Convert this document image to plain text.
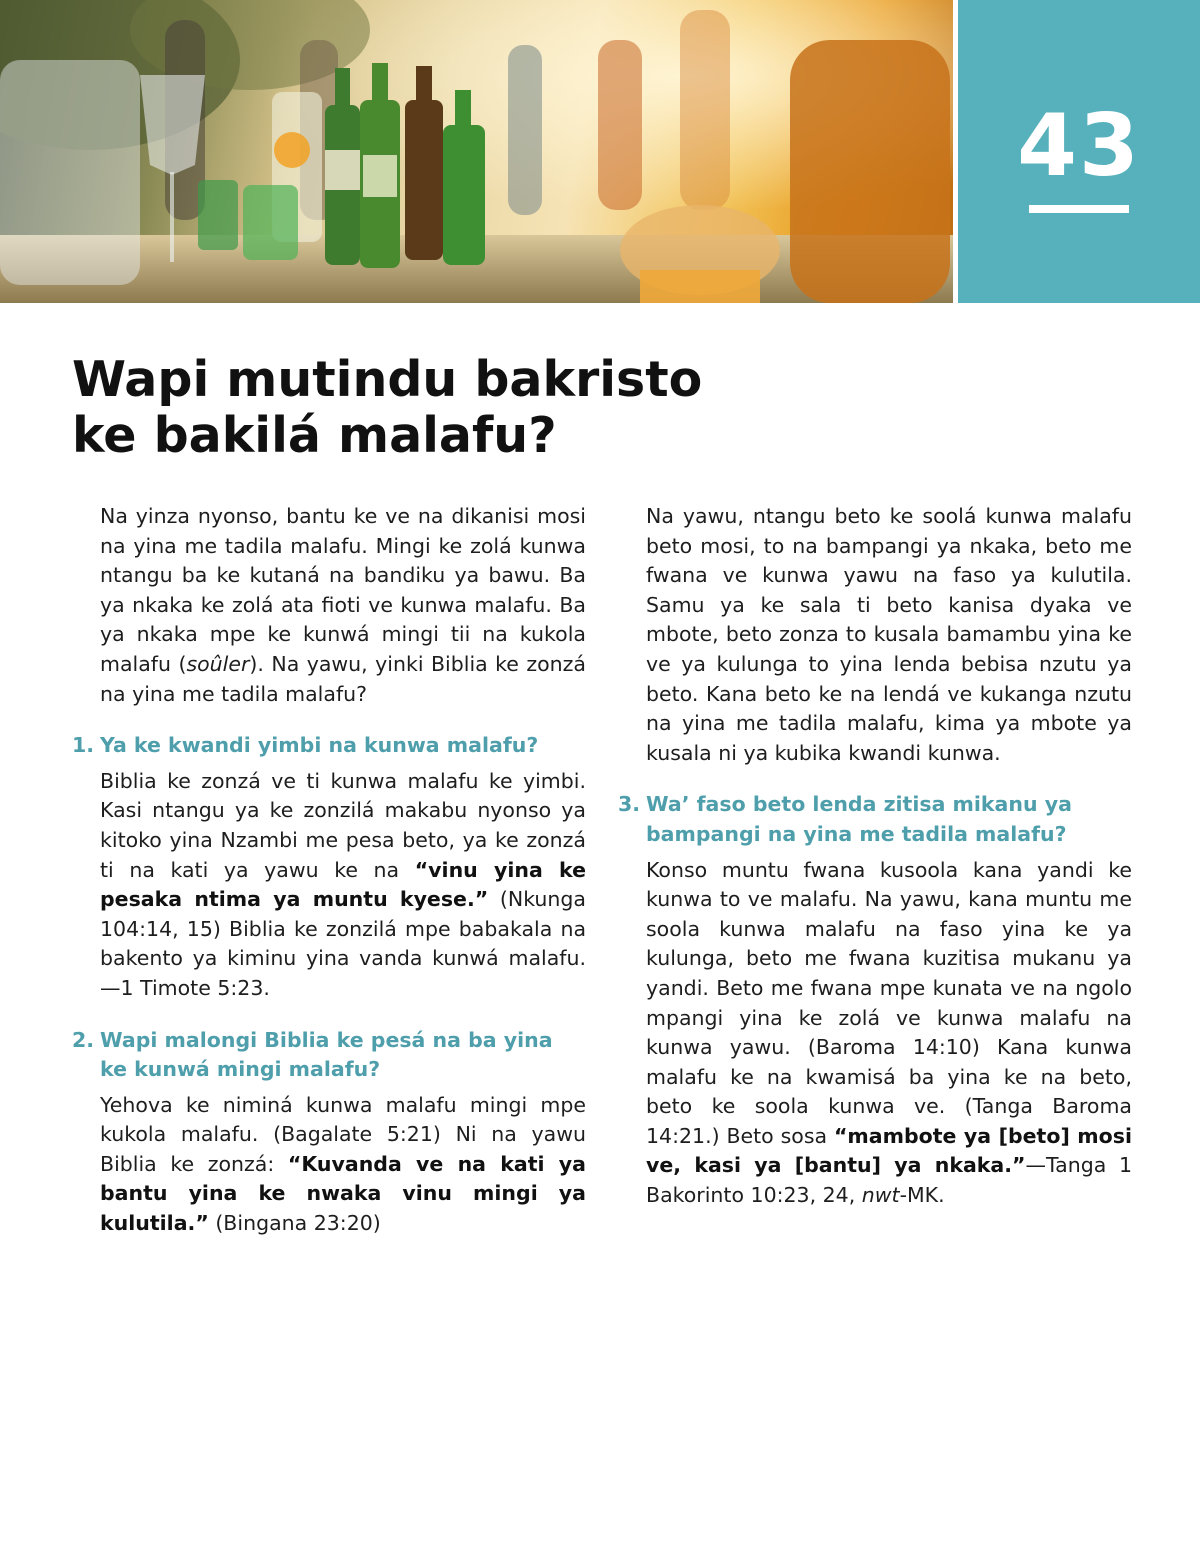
43
Wapi mutindu bakristo
ke bakilá malafu?

Na yinza nyonso, bantu ke ve na dikanisi mosi na yina me tadila malafu. Mingi ke zolá kunwa ntangu ba ke kutaná na bandiku ya bawu. Ba ya nkaka ke zolá ata fioti ve kunwa malafu. Ba ya nkaka mpe ke kunwá mingi tii na kukola malafu (soûler). Na yawu, yinki Biblia ke zonzá na yina me tadila malafu?

1. Ya ke kwandi yimbi na kunwa malafu?

Biblia ke zonzá ve ti kunwa malafu ke yimbi. Kasi ntangu ya ke zonzilá makabu nyonso ya kitoko yina Nzambi me pesa beto, ya ke zonzá ti na kati ya yawu ke na “vinu yina ke pesaka ntima ya muntu kyese.” (Nkunga 104:14, 15) Biblia ke zonzilá mpe babakala na bakento ya kiminu yina vanda kunwá malafu.—1 Timote 5:23.

2. Wapi malongi Biblia ke pesá na ba yina ke kunwá mingi malafu?

Yehova ke niminá kunwa malafu mingi mpe kukola malafu. (Bagalate 5:21) Ni na yawu Biblia ke zonzá: “Kuvanda ve na kati ya bantu yina ke nwaka vinu mingi ya kulutila.” (Bingana 23:20)

Na yawu, ntangu beto ke soolá kunwa malafu beto mosi, to na bampangi ya nkaka, beto me fwana ve kunwa yawu na faso ya kulutila. Samu ya ke sala ti beto kanisa dyaka ve mbote, beto zonza to kusala bamambu yina ke ve ya kulunga to yina lenda bebisa nzutu ya beto. Kana beto ke na lendá ve kukanga nzutu na yina me tadila malafu, kima ya mbote ya kusala ni ya kubika kwandi kunwa.

3. Wa’ faso beto lenda zitisa mikanu ya bampangi na yina me tadila malafu?

Konso muntu fwana kusoola kana yandi ke kunwa to ve malafu. Na yawu, kana muntu me soola kunwa malafu na faso yina ke ya kulunga, beto me fwana kuzitisa mukanu ya yandi. Beto me fwana mpe kunata ve na ngolo mpangi yina ke zolá ve kunwa malafu na kunwa yawu. (Baroma 14:10) Kana kunwa malafu ke na kwamisá ba yina ke na beto, beto ke soola kunwa ve. (Tanga Baroma 14:21.) Beto sosa “mambote ya [beto] mosi ve, kasi ya [bantu] ya nkaka.”—Tanga 1 Bakorinto 10:23, 24, nwt-MK.
